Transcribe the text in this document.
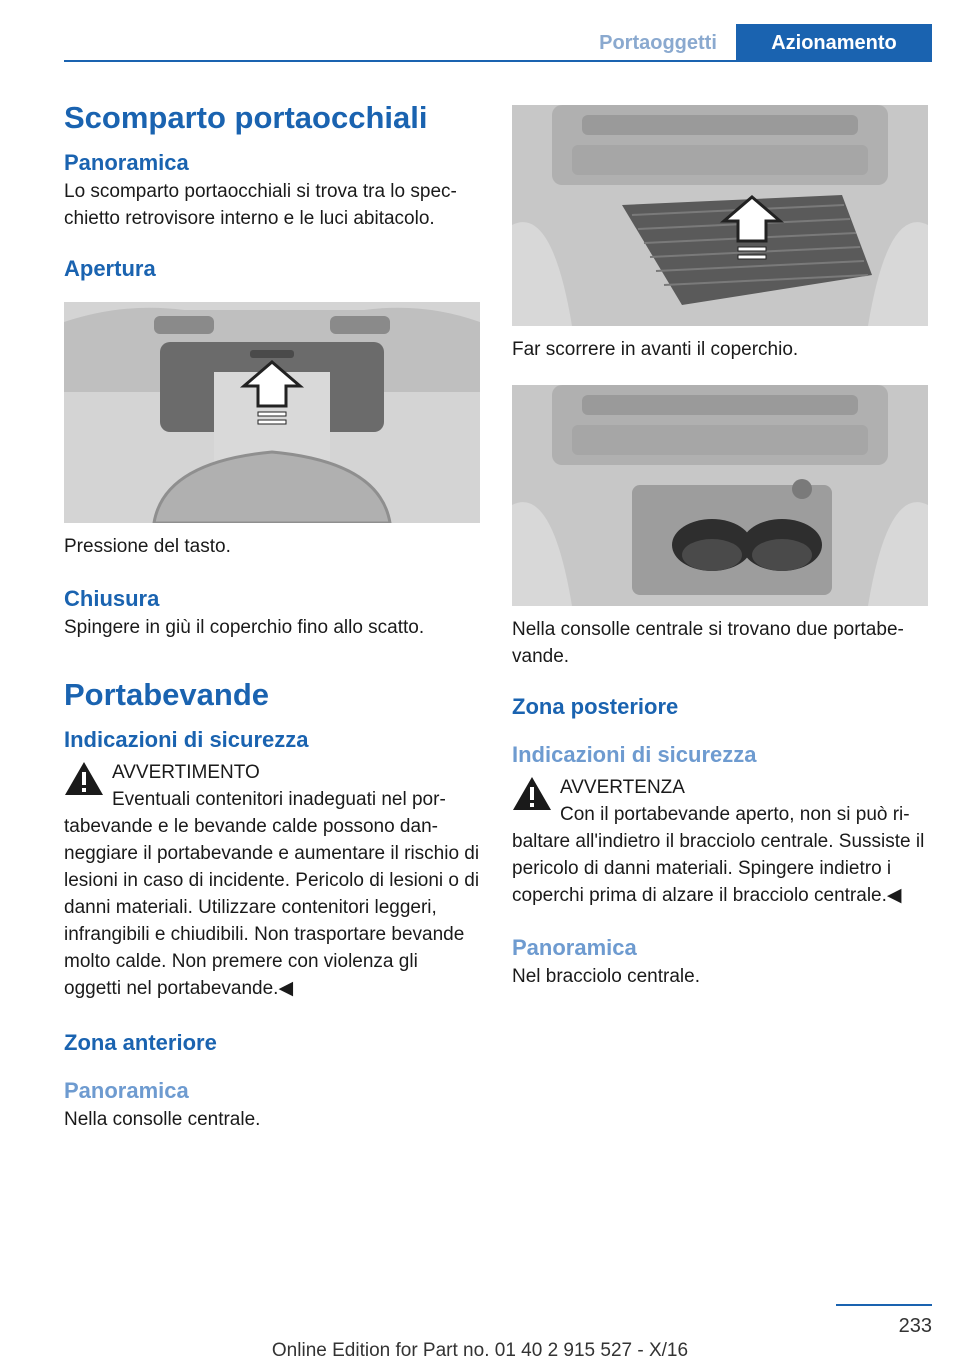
Portaoggetti	Azionamento
Scomparto portaocchiali
Panoramica

Lo scomparto portaocchiali si trova tra lo specchietto retrovisore interno e le luci abitacolo.

Apertura

Pressione del tasto.

Chiusura

Spingere in giù il coperchio fino allo scatto.

Portabevande
Indicazioni di sicurezza

AVVERTIMENTO

Eventuali contenitori inadeguati nel portabevande e le bevande calde possono danneggiare il portabevande e aumentare il rischio di lesioni in caso di incidente. Pericolo di lesioni o di danni materiali. Utilizzare contenitori leggeri, infrangibili e chiudibili. Non trasportare bevande molto calde. Non premere con violenza gli oggetti nel portabevande.◀

Zona anteriore
Panoramica

Nella consolle centrale.

Far scorrere in avanti il coperchio.

Nella consolle centrale si trovano due portabevande.

Zona posteriore
Indicazioni di sicurezza

AVVERTENZA

Con il portabevande aperto, non si può ribaltare all'indietro il bracciolo centrale. Sussiste il pericolo di danni materiali. Spingere indietro i coperchi prima di alzare il bracciolo centrale.◀

Panoramica

Nel bracciolo centrale.

233
Online Edition for Part no. 01 40 2 915 527 - X/16
